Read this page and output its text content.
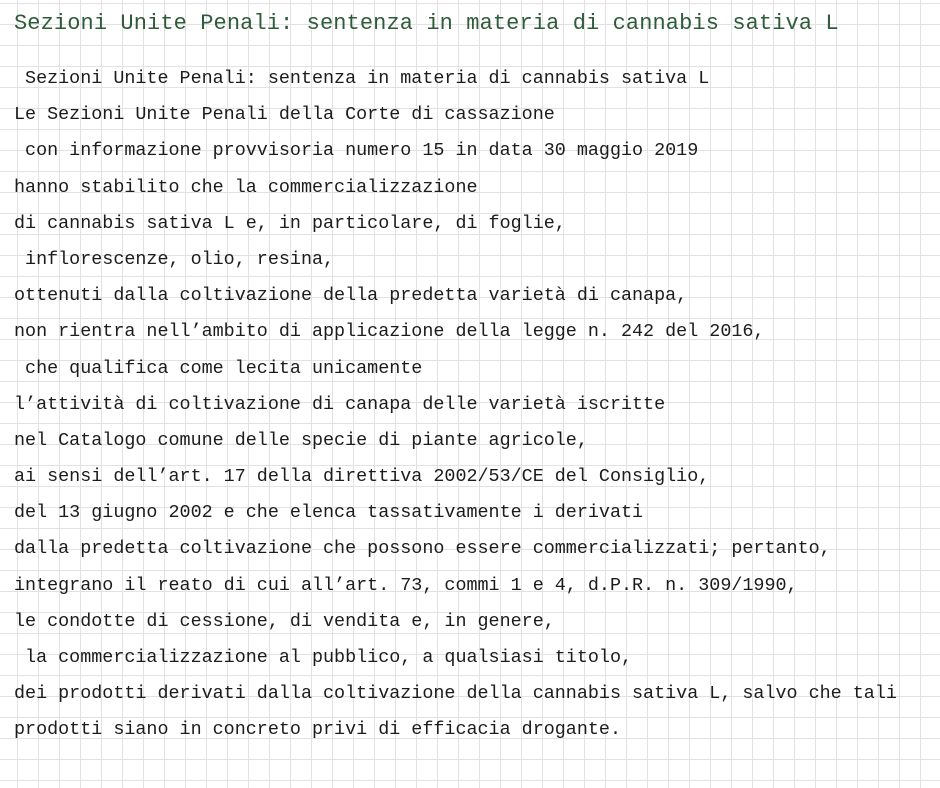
Sezioni Unite Penali: sentenza in materia di cannabis sativa L
Sezioni Unite Penali: sentenza in materia di cannabis sativa L
Le Sezioni Unite Penali della Corte di cassazione
con informazione provvisoria numero 15 in data 30 maggio 2019
hanno stabilito che la commercializzazione
di cannabis sativa L e, in particolare, di foglie,
inflorescenze, olio, resina,
ottenuti dalla coltivazione della predetta varietà di canapa,
non rientra nell’ambito di applicazione della legge n. 242 del 2016,
che qualifica come lecita unicamente
l’attività di coltivazione di canapa delle varietà iscritte
nel Catalogo comune delle specie di piante agricole,
ai sensi dell’art. 17 della direttiva 2002/53/CE del Consiglio,
del 13 giugno 2002 e che elenca tassativamente i derivati
dalla predetta coltivazione che possono essere commercializzati; pertanto,
integrano il reato di cui all’art. 73, commi 1 e 4, d.P.R. n. 309/1990,
le condotte di cessione, di vendita e, in genere,
la commercializzazione al pubblico, a qualsiasi titolo,
dei prodotti derivati dalla coltivazione della cannabis sativa L, salvo che tali
prodotti siano in concreto privi di efficacia drogante.
